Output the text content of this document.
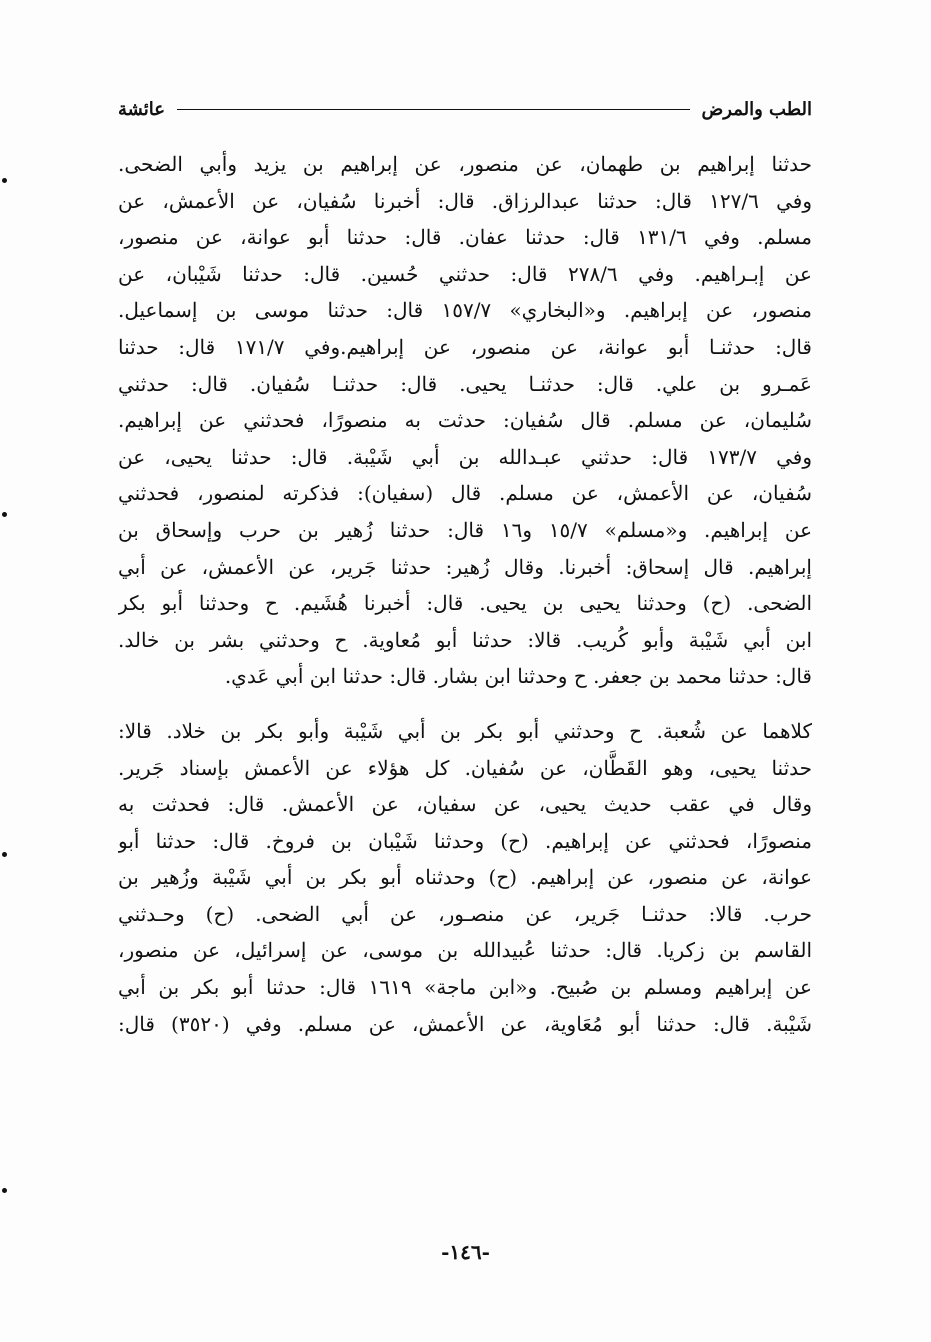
الطب والمرض
عائشة
حدثنا إبراهيم بن طهمان، عن منصور، عن إبراهيم بن يزيد وأبي الضحى.
وفي ١٢٧/٦ قال: حدثنا عبدالرزاق. قال: أخبرنا سُفيان، عن الأعمش، عن
مسلم. وفي ١٣١/٦ قال: حدثنا عفان. قال: حدثنا أبو عوانة، عن منصور،
عن إبـراهيم. وفي ٢٧٨/٦ قال: حدثني حُسين. قال: حدثنا شَيْبان، عن
منصور، عن إبراهيم. و«البخاري» ١٥٧/٧ قال: حدثنا موسى بن إسماعيل.
قال: حدثنـا أبو عوانة، عن منصور، عن إبراهيم.وفي ١٧١/٧ قال: حدثنا
عَمـرو بن علي. قال: حدثنـا يحيى. قال: حدثنـا سُفيان. قال: حدثني
سُليمان، عن مسلم. قال سُفيان: حدثت به منصورًا، فحدثني عن إبراهيم.
وفي ١٧٣/٧ قال: حدثني عبـدالله بن أبي شَيْبة. قال: حدثنا يحيى، عن
سُفيان، عن الأعمش، عن مسلم. قال (سفيان): فذكرته لمنصور، فحدثني
عن إبراهيم. و«مسلم» ١٥/٧ و١٦ قال: حدثنا زُهير بن حرب وإسحاق بن
إبراهيم. قال إسحاق: أخبرنا. وقال زُهير: حدثنا جَرير، عن الأعمش، عن أبي
الضحى. (ح) وحدثنا يحيى بن يحيى. قال: أخبرنا هُشَيم. ح وحدثنا أبو بكر
ابن أبي شَيْبة وأبو كُريب. قالا: حدثنا أبو مُعاوية. ح وحدثني بشر بن خالد.
قال: حدثنا محمد بن جعفر. ح وحدثنا ابن بشار. قال: حدثنا ابن أبي عَدي.
كلاهما عن شُعبة. ح وحدثني أبو بكر بن أبي شَيْبة وأبو بكر بن خلاد. قالا:
حدثنا يحيى، وهو القَطَّان، عن سُفيان. كل هؤلاء عن الأعمش بإسناد جَرير.
وقال في عقب حديث يحيى، عن سفيان، عن الأعمش. قال: فحدثت به
منصورًا، فحدثني عن إبراهيم. (ح) وحدثنا شَيْبان بن فروخ. قال: حدثنا أبو
عوانة، عن منصور، عن إبراهيم. (ح) وحدثناه أبو بكر بن أبي شَيْبة وزُهير بن
حرب. قالا: حدثنـا جَرير، عن منصـور، عن أبي الضحى. (ح) وحـدثني
القاسم بن زكريا. قال: حدثنا عُبيدالله بن موسى، عن إسرائيل، عن منصور،
عن إبراهيم ومسلم بن صُبيح. و«ابن ماجة» ١٦١٩ قال: حدثنا أبو بكر بن أبي
شَيْبة. قال: حدثنا أبو مُعَاوية، عن الأعمش، عن مسلم. وفي (٣٥٢٠) قال:
-١٤٦-
